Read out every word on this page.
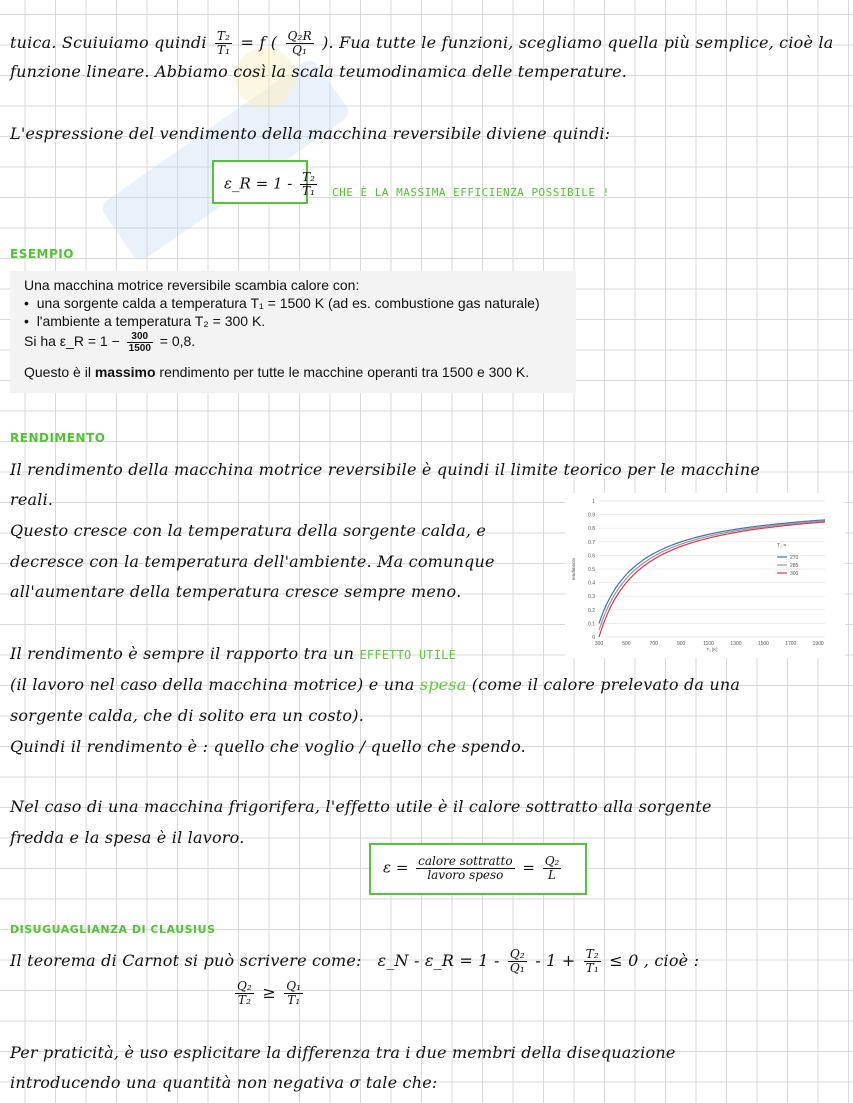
tuica. Scuiuiamo quindi $\frac{\text{T₂}}{\text{T₁}} = f$ ( $\frac{\text{Q₂R}}{\text{Q₁}}$ ). Fua tutte le funzioni, scegliamo quella più semplice, cioè la
funzione lineare. Abbiamo così la scala teumodinamica delle temperature.
L'espressione del vendimento della macchina reversibile diviene quindi:
ε_R = $1 - \frac{\text{T₂}}{\text{T₁}}$ CHE È LA MASSIMA EFFICIENZA POSSIBILE !
ESEMPIO
Una macchina motrice reversibile scambia calore con:
•  una sorgente calda a temperatura T₁ = 1500 K (ad es. combustione gas naturale)
•  l'ambiente a temperatura T₂ = 300 K.
Si ha ε_R = $1 - \frac{300}{1500} = 0,8$.
Questo è il massimo rendimento per tutte le macchine operanti tra 1500 e 300 K.
RENDIMENTO
Il rendimento della macchina motrice reversibile è quindi il limite teorico per le macchine
reali.
Questo cresce con la temperatura della sorgente calda, e
decresce con la temperatura dell'ambiente. Ma comunque
all'aumentare della temperatura cresce sempre meno.
0
0.1
0.2
0.3
0.4
0.5
0.6
0.7
0.8
0.9
1
300	500	700	900	1100	1300	1500	1700	1900
T₁ [K]
rendimento
T₂ =
270
285
300
Il rendimento è sempre il rapporto tra un EFFETTO UTILE
(il lavoro nel caso della macchina motrice) e una spesa (come il calore prelevato da una
sorgente calda, che di solito era un costo).
Quindi il rendimento è : quello che voglio / quello che spendo.
Nel caso di una macchina frigorifera, l'effetto utile è il calore sottratto alla sorgente
fredda e la spesa è il lavoro.
$\varepsilon = \frac{\text{calore sottratto}}{\text{lavoro speso}} = \frac{\text{Q₂}}{L}$
DISUGUAGLIANZA DI CLAUSIUS
Il teorema di Carnot si può scrivere come: ε_N - ε_R = $1 - \frac{\text{Q₂}}{\text{Q₁}} - 1 + \frac{\text{T₂}}{\text{T₁}} \le 0$ , cioè :
$\frac{\text{Q₂}}{\text{T₂}} \ge \frac{\text{Q₁}}{\text{T₁}}$
Per praticità, è uso esplicitare la differenza tra i due membri della disequazione
introducendo una quantità non negativa σ tale che:
